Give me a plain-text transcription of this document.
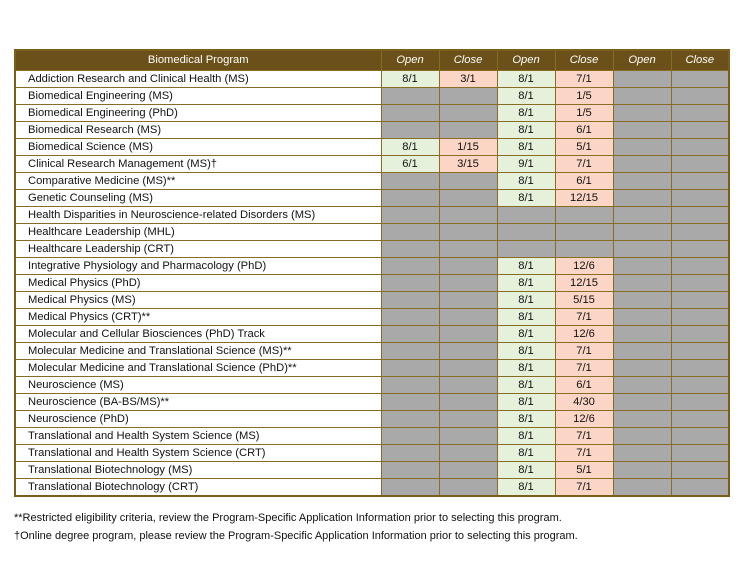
Biomedical Program	Open	Close	Open	Close	Open	Close
Addiction Research and Clinical Health (MS)	8/1	3/1	8/1	7/1		
Biomedical Engineering (MS)			8/1	1/5		
Biomedical Engineering (PhD)			8/1	1/5		
Biomedical Research (MS)			8/1	6/1		
Biomedical Science (MS)	8/1	1/15	8/1	5/1		
Clinical Research Management (MS)†	6/1	3/15	9/1	7/1		
Comparative Medicine (MS)**			8/1	6/1		
Genetic Counseling (MS)			8/1	12/15		
Health Disparities in Neuroscience-related Disorders (MS)						
Healthcare Leadership (MHL)						
Healthcare Leadership (CRT)						
Integrative Physiology and Pharmacology (PhD)			8/1	12/6		
Medical Physics (PhD)			8/1	12/15		
Medical Physics (MS)			8/1	5/15		
Medical Physics (CRT)**			8/1	7/1		
Molecular and Cellular Biosciences (PhD) Track			8/1	12/6		
Molecular Medicine and Translational Science (MS)**			8/1	7/1		
Molecular Medicine and Translational Science (PhD)**			8/1	7/1		
Neuroscience (MS)			8/1	6/1		
Neuroscience (BA-BS/MS)**			8/1	4/30		
Neuroscience (PhD)			8/1	12/6		
Translational and Health System Science (MS)			8/1	7/1		
Translational and Health System Science (CRT)			8/1	7/1		
Translational Biotechnology (MS)			8/1	5/1		
Translational Biotechnology (CRT)			8/1	7/1		
**Restricted eligibility criteria, review the Program-Specific Application Information prior to selecting this program.
†Online degree program, please review the Program-Specific Application Information prior to selecting this program.
